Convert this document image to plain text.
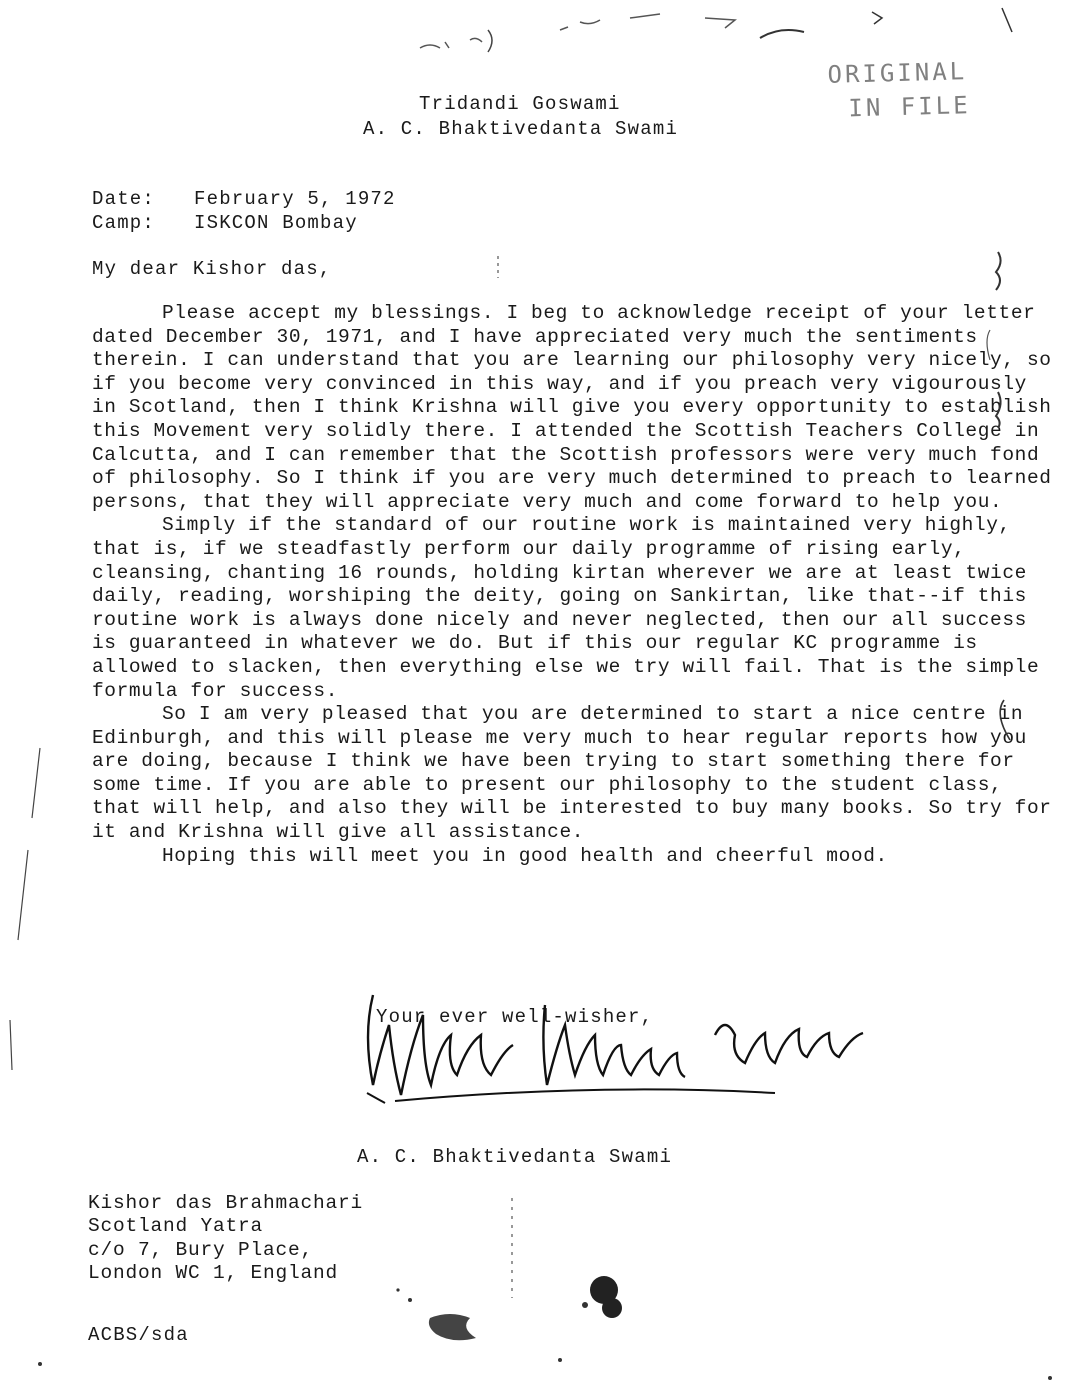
ORIGINAL
IN FILE
Tridandi Goswami
A. C. Bhaktivedanta Swami
Date: February 5, 1972
Camp: ISKCON Bombay
My dear Kishor das,

Please accept my blessings. I beg to acknowledge receipt of your letter dated December 30, 1971, and I have appreciated very much the sentiments therein. I can understand that you are learning our philosophy very nicely, so if you become very convinced in this way, and if you preach very vigourously in Scotland, then I think Krishna will give you every opportunity to establish this Movement very solidly there. I attended the Scottish Teachers College in Calcutta, and I can remember that the Scottish professors were very much fond of philosophy. So I think if you are very much determined to preach to learned persons, that they will appreciate very much and come forward to help you.

Simply if the standard of our routine work is maintained very highly, that is, if we steadfastly perform our daily programme of rising early, cleansing, chanting 16 rounds, holding kirtan wherever we are at least twice daily, reading, worshiping the deity, going on Sankirtan, like that--if this routine work is always done nicely and never neglected, then our all success is guaranteed in whatever we do. But if this our regular KC programme is allowed to slacken, then everything else we try will fail. That is the simple formula for success.

So I am very pleased that you are determined to start a nice centre in Edinburgh, and this will please me very much to hear regular reports how you are doing, because I think we have been trying to start something there for some time. If you are able to present our philosophy to the student class, that will help, and also they will be interested to buy many books. So try for it and Krishna will give all assistance.

Hoping this will meet you in good health and cheerful mood.

Your ever well-wisher,
A. C. Bhaktivedanta Swami
Kishor das Brahmachari
Scotland Yatra
c/o 7, Bury Place,
London WC 1, England
ACBS/sda
